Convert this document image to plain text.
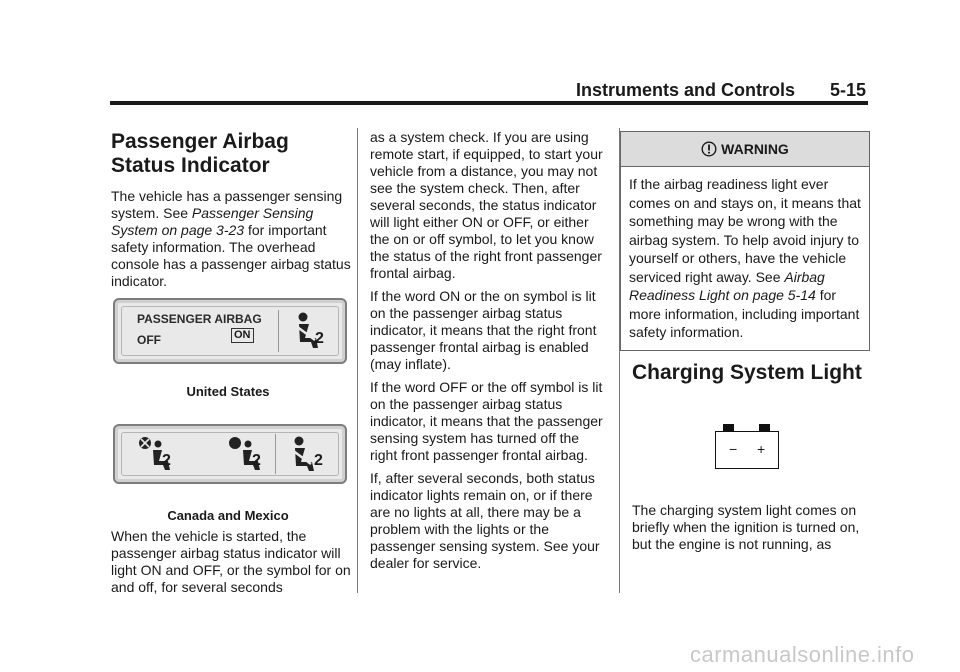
Instruments and Controls 5-15
Passenger Airbag Status Indicator

The vehicle has a passenger sensing system. See Passenger Sensing System on page 3-23 for important safety information. The overhead console has a passenger airbag status indicator.

PASSENGER AIRBAG
OFF	ON	2
United States
2	2	2
Canada and Mexico

When the vehicle is started, the passenger airbag status indicator will light ON and OFF, or the symbol for on and off, for several seconds

as a system check. If you are using remote start, if equipped, to start your vehicle from a distance, you may not see the system check. Then, after several seconds, the status indicator will light either ON or OFF, or either the on or off symbol, to let you know the status of the right front passenger frontal airbag.

If the word ON or the on symbol is lit on the passenger airbag status indicator, it means that the right front passenger frontal airbag is enabled (may inflate).

If the word OFF or the off symbol is lit on the passenger airbag status indicator, it means that the passenger sensing system has turned off the right front passenger frontal airbag.

If, after several seconds, both status indicator lights remain on, or if there are no lights at all, there may be a problem with the lights or the passenger sensing system. See your dealer for service.

WARNING
If the airbag readiness light ever comes on and stays on, it means that something may be wrong with the airbag system. To help avoid injury to yourself or others, have the vehicle serviced right away. See Airbag Readiness Light on page 5-14 for more information, including important safety information.
Charging System Light
− +

The charging system light comes on briefly when the ignition is turned on, but the engine is not running, as

carmanualsonline.info
